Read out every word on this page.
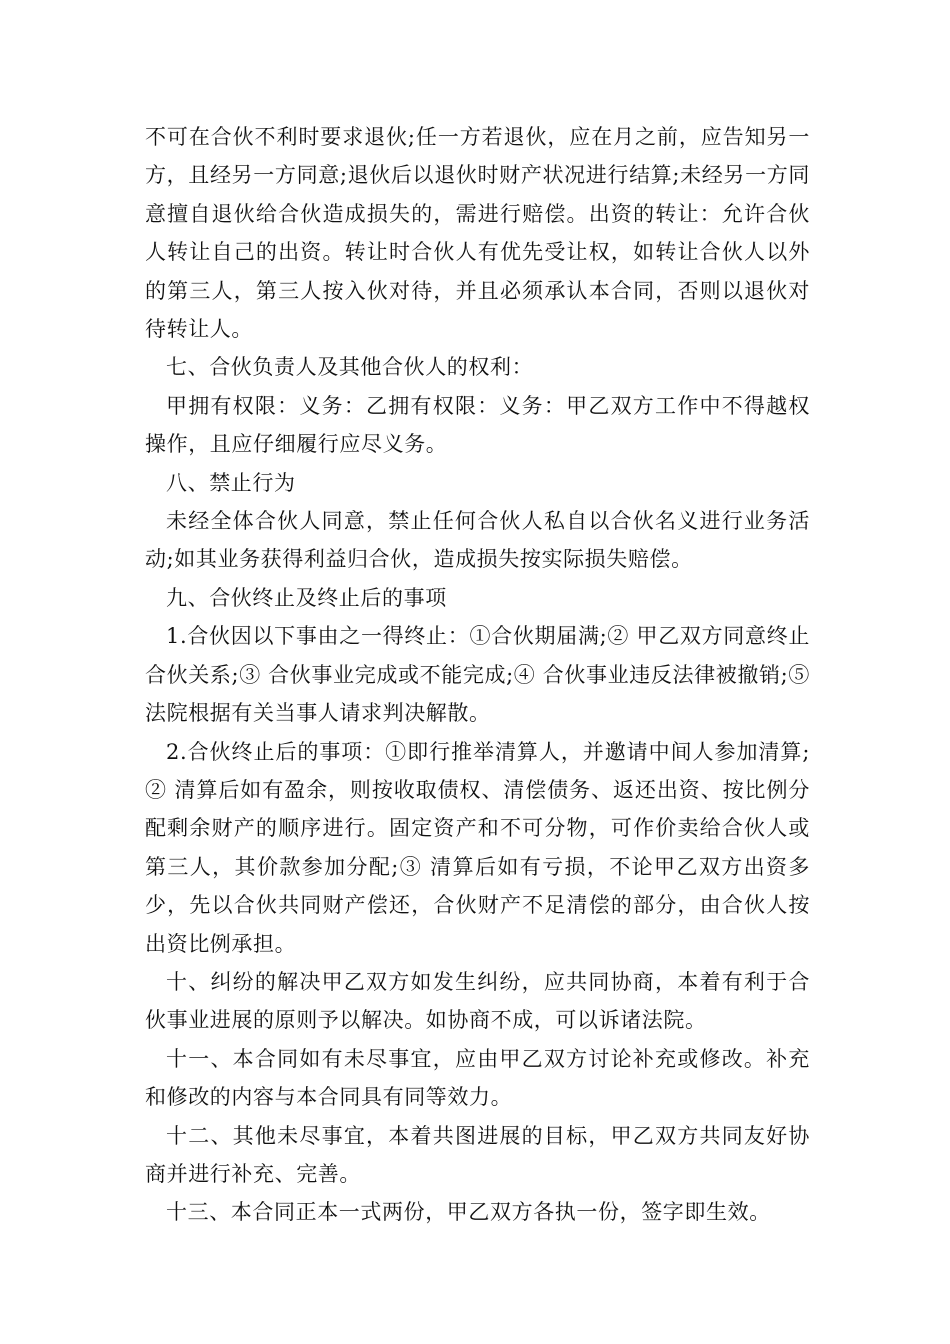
不可在合伙不利时要求退伙;任一方若退伙，应在月之前，应告知另一方，且经另一方同意;退伙后以退伙时财产状况进行结算;未经另一方同意擅自退伙给合伙造成损失的，需进行赔偿。出资的转让：允许合伙人转让自己的出资。转让时合伙人有优先受让权，如转让合伙人以外的第三人，第三人按入伙对待，并且必须承认本合同，否则以退伙对待转让人。

七、合伙负责人及其他合伙人的权利：

甲拥有权限：义务：乙拥有权限：义务：甲乙双方工作中不得越权操作，且应仔细履行应尽义务。

八、禁止行为

未经全体合伙人同意，禁止任何合伙人私自以合伙名义进行业务活动;如其业务获得利益归合伙，造成损失按实际损失赔偿。

九、合伙终止及终止后的事项

1.合伙因以下事由之一得终止：①合伙期届满;② 甲乙双方同意终止合伙关系;③ 合伙事业完成或不能完成;④ 合伙事业违反法律被撤销;⑤ 法院根据有关当事人请求判决解散。

2.合伙终止后的事项：①即行推举清算人，并邀请中间人参加清算;② 清算后如有盈余，则按收取债权、清偿债务、返还出资、按比例分配剩余财产的顺序进行。固定资产和不可分物，可作价卖给合伙人或第三人，其价款参加分配;③ 清算后如有亏损，不论甲乙双方出资多少，先以合伙共同财产偿还，合伙财产不足清偿的部分，由合伙人按出资比例承担。

十、纠纷的解决甲乙双方如发生纠纷，应共同协商，本着有利于合伙事业进展的原则予以解决。如协商不成，可以诉诸法院。

十一、本合同如有未尽事宜，应由甲乙双方讨论补充或修改。补充和修改的内容与本合同具有同等效力。

十二、其他未尽事宜，本着共图进展的目标，甲乙双方共同友好协商并进行补充、完善。

十三、本合同正本一式两份，甲乙双方各执一份，签字即生效。
